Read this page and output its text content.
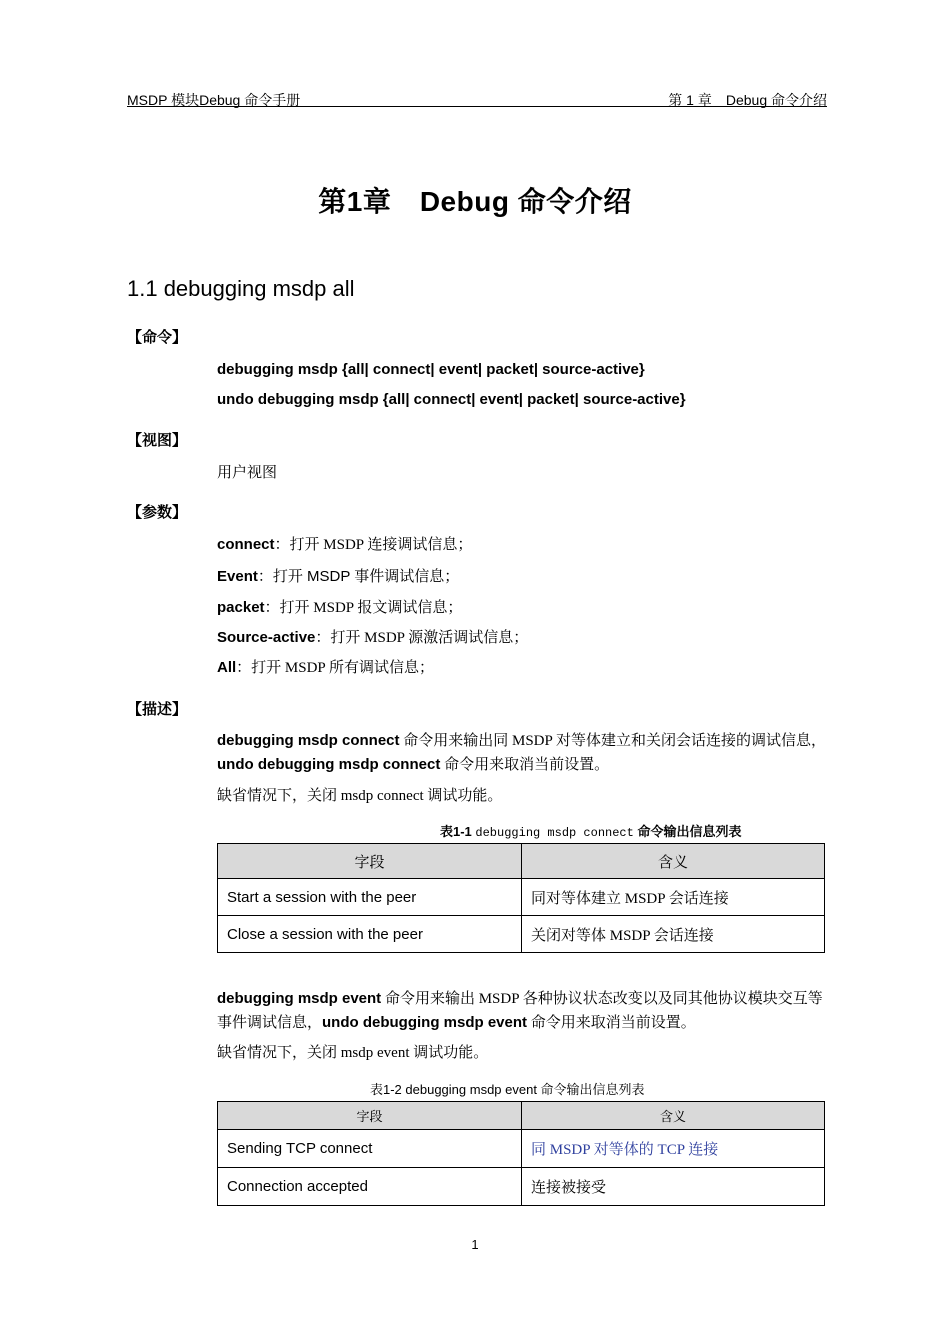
MSDP 模块Debug 命令手册	第 1 章　Debug 命令介绍
第1章　Debug 命令介绍
1.1 debugging msdp all
【命令】
debugging msdp {all| connect| event| packet| source-active}
undo debugging msdp {all| connect| event| packet| source-active}
【视图】
用户视图
【参数】
connect：打开 MSDP 连接调试信息；
Event：打开 MSDP 事件调试信息；
packet：打开 MSDP 报文调试信息；
Source-active：打开 MSDP 源激活调试信息；
All：打开 MSDP 所有调试信息；
【描述】
debugging msdp connect 命令用来输出同 MSDP 对等体建立和关闭会话连接的调试信息，undo debugging msdp connect 命令用来取消当前设置。
缺省情况下，关闭 msdp connect 调试功能。
表1-1 debugging msdp connect 命令输出信息列表
字段	含义
Start a session with the peer	同对等体建立 MSDP 会话连接
Close a session with the peer	关闭对等体 MSDP 会话连接
debugging msdp event 命令用来输出 MSDP 各种协议状态改变以及同其他协议模块交互等事件调试信息，undo debugging msdp event 命令用来取消当前设置。
缺省情况下，关闭 msdp event 调试功能。
表1-2 debugging msdp event 命令输出信息列表
字段	含义
Sending TCP connect	同 MSDP 对等体的 TCP 连接
Connection accepted	连接被接受
1
